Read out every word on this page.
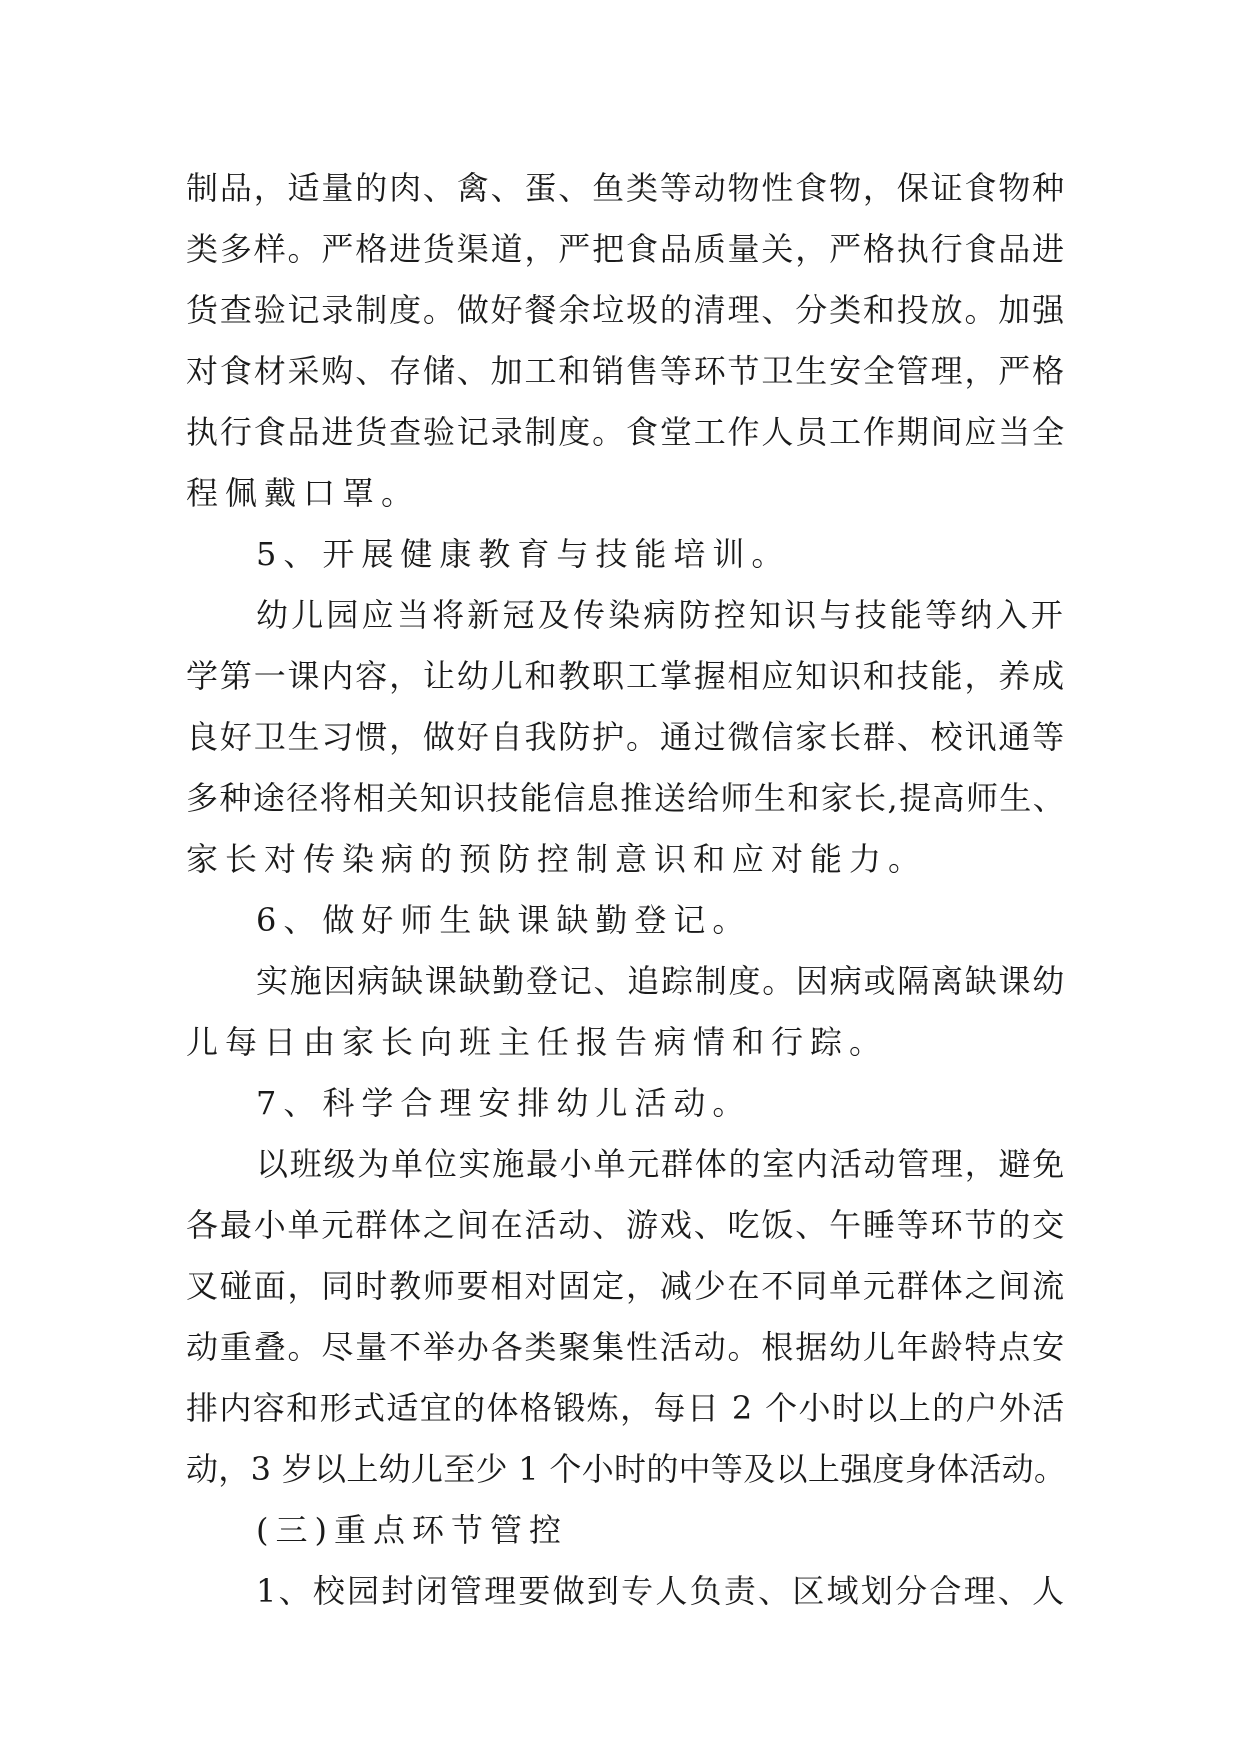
制品，适量的肉、禽、蛋、鱼类等动物性食物，保证食物种
类多样。严格进货渠道，严把食品质量关，严格执行食品进
货查验记录制度。做好餐余垃圾的清理、分类和投放。加强
对食材采购、存储、加工和销售等环节卫生安全管理，严格
执行食品进货查验记录制度。食堂工作人员工作期间应当全
程佩戴口罩。
5、开展健康教育与技能培训。
幼儿园应当将新冠及传染病防控知识与技能等纳入开
学第一课内容，让幼儿和教职工掌握相应知识和技能，养成
良好卫生习惯，做好自我防护。通过微信家长群、校讯通等
多种途径将相关知识技能信息推送给师生和家长,提高师生、
家长对传染病的预防控制意识和应对能力。
6、做好师生缺课缺勤登记。
实施因病缺课缺勤登记、追踪制度。因病或隔离缺课幼
儿每日由家长向班主任报告病情和行踪。
7、科学合理安排幼儿活动。
以班级为单位实施最小单元群体的室内活动管理，避免
各最小单元群体之间在活动、游戏、吃饭、午睡等环节的交
叉碰面，同时教师要相对固定，减少在不同单元群体之间流
动重叠。尽量不举办各类聚集性活动。根据幼儿年龄特点安
排内容和形式适宜的体格锻炼，每日 2 个小时以上的户外活
动，3 岁以上幼儿至少 1 个小时的中等及以上强度身体活动。
(三)重点环节管控
1、校园封闭管理要做到专人负责、区域划分合理、人
